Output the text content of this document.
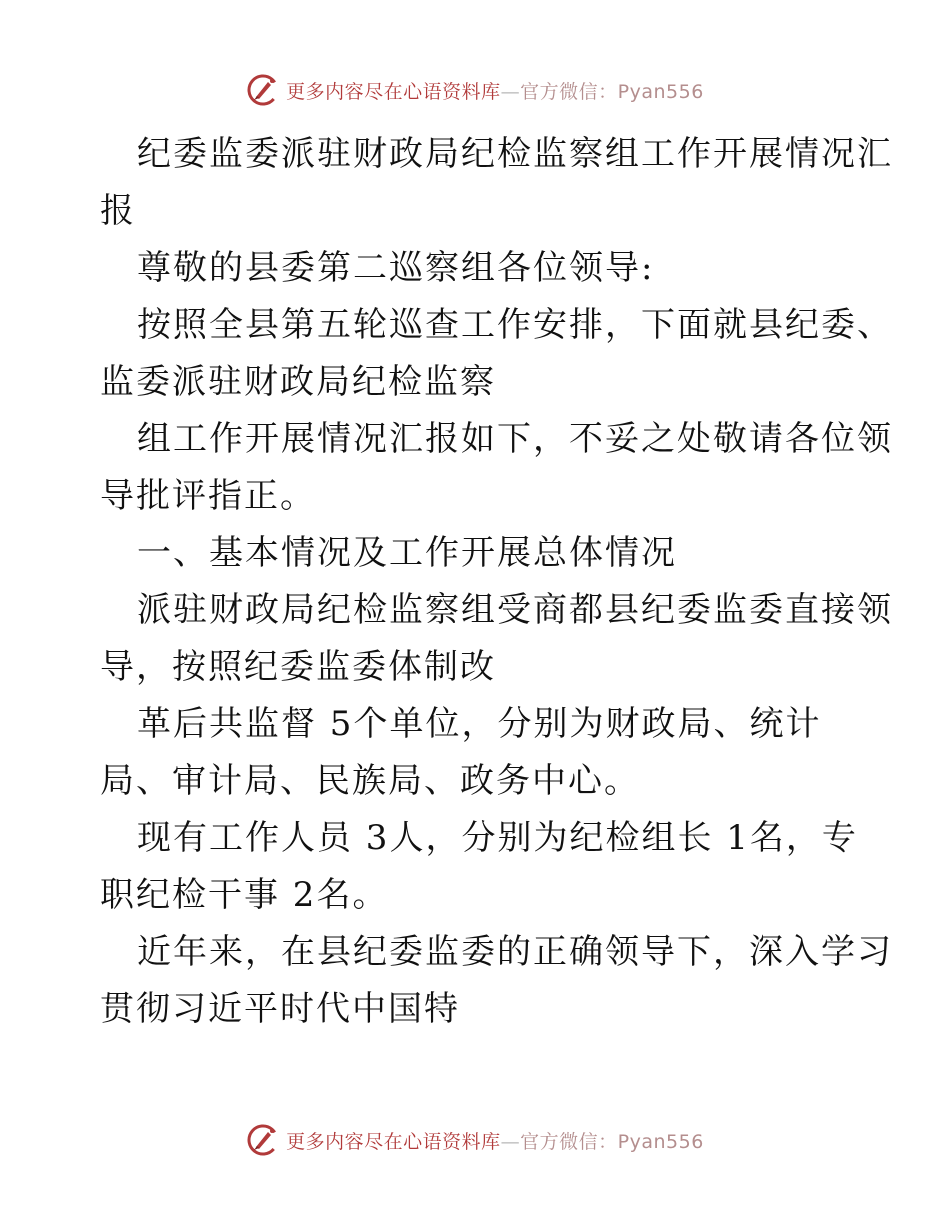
更多内容尽在心语资料库—官方微信：Pyan556
纪委监委派驻财政局纪检监察组工作开展情况汇
报
尊敬的县委第二巡察组各位领导:
按照全县第五轮巡查工作安排，下面就县纪委、
监委派驻财政局纪检监察
组工作开展情况汇报如下，不妥之处敬请各位领
导批评指正。
一、基本情况及工作开展总体情况
派驻财政局纪检监察组受商都县纪委监委直接领
导，按照纪委监委体制改
革后共监督 5个单位，分别为财政局、统计
局、审计局、民族局、政务中心。
现有工作人员 3人，分别为纪检组长 1名，专
职纪检干事 2名。
近年来，在县纪委监委的正确领导下，深入学习
贯彻习近平时代中国特
更多内容尽在心语资料库—官方微信：Pyan556
